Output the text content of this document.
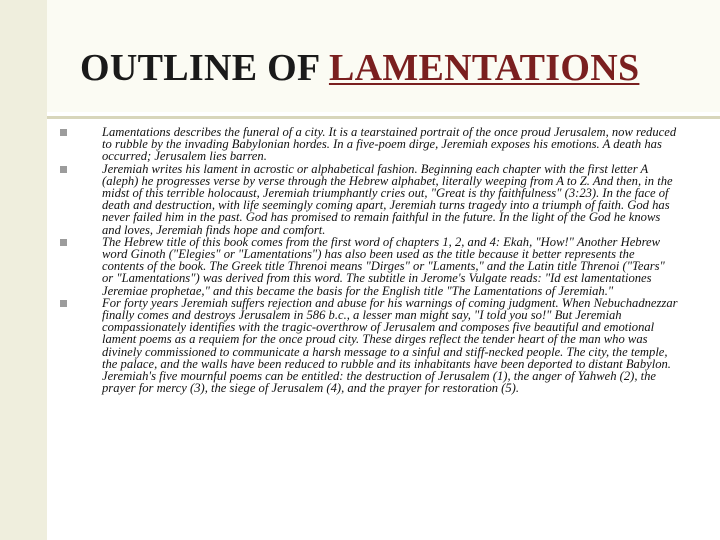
OUTLINE OF LAMENTATIONS
Lamentations describes the funeral of a city. It is a tearstained portrait of the once proud Jerusalem, now reduced to rubble by the invading Babylonian hordes. In a five-poem dirge, Jeremiah exposes his emotions. A death has occurred; Jerusalem lies barren.
Jeremiah writes his lament in acrostic or alphabetical fashion. Beginning each chapter with the first letter A (aleph) he progresses verse by verse through the Hebrew alphabet, literally weeping from A to Z. And then, in the midst of this terrible holocaust, Jeremiah triumphantly cries out, "Great is thy faithfulness" (3:23). In the face of death and destruction, with life seemingly coming apart, Jeremiah turns tragedy into a triumph of faith. God has never failed him in the past. God has promised to remain faithful in the future. In the light of the God he knows and loves, Jeremiah finds hope and comfort.
The Hebrew title of this book comes from the first word of chapters 1, 2, and 4: Ekah, "How!" Another Hebrew word Ginoth ("Elegies" or "Lamentations") has also been used as the title because it better represents the contents of the book. The Greek title Threnoi means "Dirges" or "Laments," and the Latin title Threnoi ("Tears" or "Lamentations") was derived from this word. The subtitle in Jerome's Vulgate reads: "Id est lamentationes Jeremiae prophetae," and this became the basis for the English title "The Lamentations of Jeremiah."
For forty years Jeremiah suffers rejection and abuse for his warnings of coming judgment. When Nebuchadnezzar finally comes and destroys Jerusalem in 586 b.c., a lesser man might say, "I told you so!" But Jeremiah compassionately identifies with the tragic-overthrow of Jerusalem and composes five beautiful and emotional lament poems as a requiem for the once proud city. These dirges reflect the tender heart of the man who was divinely commissioned to communicate a harsh message to a sinful and stiff-necked people. The city, the temple, the palace, and the walls have been reduced to rubble and its inhabitants have been deported to distant Babylon. Jeremiah's five mournful poems can be entitled: the destruction of Jerusalem (1), the anger of Yahweh (2), the prayer for mercy (3), the siege of Jerusalem (4), and the prayer for restoration (5).
